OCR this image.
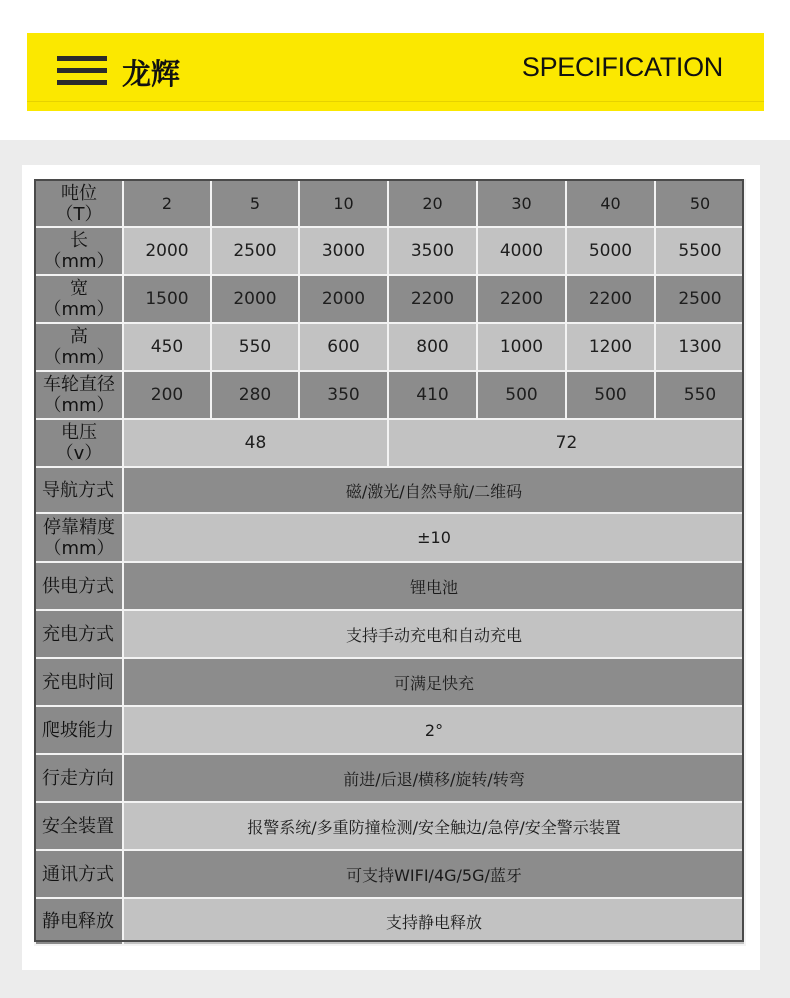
龙辉	SPECIFICATION
吨位
（T）	2	5	10	20	30	40	50

长
（mm）	2000	2500	3000	3500	4000	5000	5500

宽
（mm）	1500	2000	2000	2200	2200	2200	2500

高
（mm）	450	550	600	800	1000	1200	1300

车轮直径
（mm）	200	280	350	410	500	500	550

电压
（v）	48			72			
导航方式	磁/激光/自然导航/二维码						

停靠精度
（mm）	±10						
供电方式	锂电池						
充电方式	支持手动充电和自动充电						
充电时间	可满足快充						
爬坡能力	2°						
行走方向	前进/后退/横移/旋转/转弯						
安全装置	报警系统/多重防撞检测/安全触边/急停/安全警示装置						
通讯方式	可支持WIFI/4G/5G/蓝牙						
静电释放	支持静电释放						
